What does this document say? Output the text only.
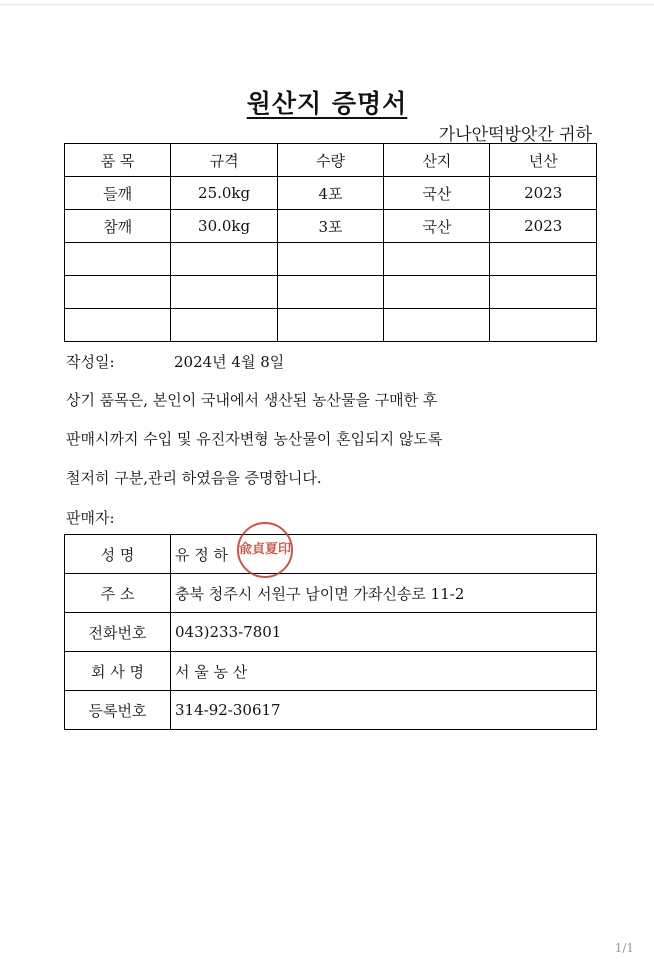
원산지 증명서
가나안떡방앗간 귀하
품 목	규격	수량	산지	년산
들깨	25.0kg	4포	국산	2023
참깨	30.0kg	3포	국산	2023

작성일:	2024년 4월 8일
상기 품목은, 본인이 국내에서 생산된 농산물을 구매한 후
판매시까지 수입 및 유진자변형 농산물이 혼입되지 않도록
철저히 구분,관리 하였음을 증명합니다.
판매자:
성 명	유 정 하
주 소	충북 청주시 서원구 남이면 가좌신송로 11-2
전화번호	043)233-7801
회 사 명	서 울 농 산
등록번호	314-92-30617
兪貞夏印
1/1
